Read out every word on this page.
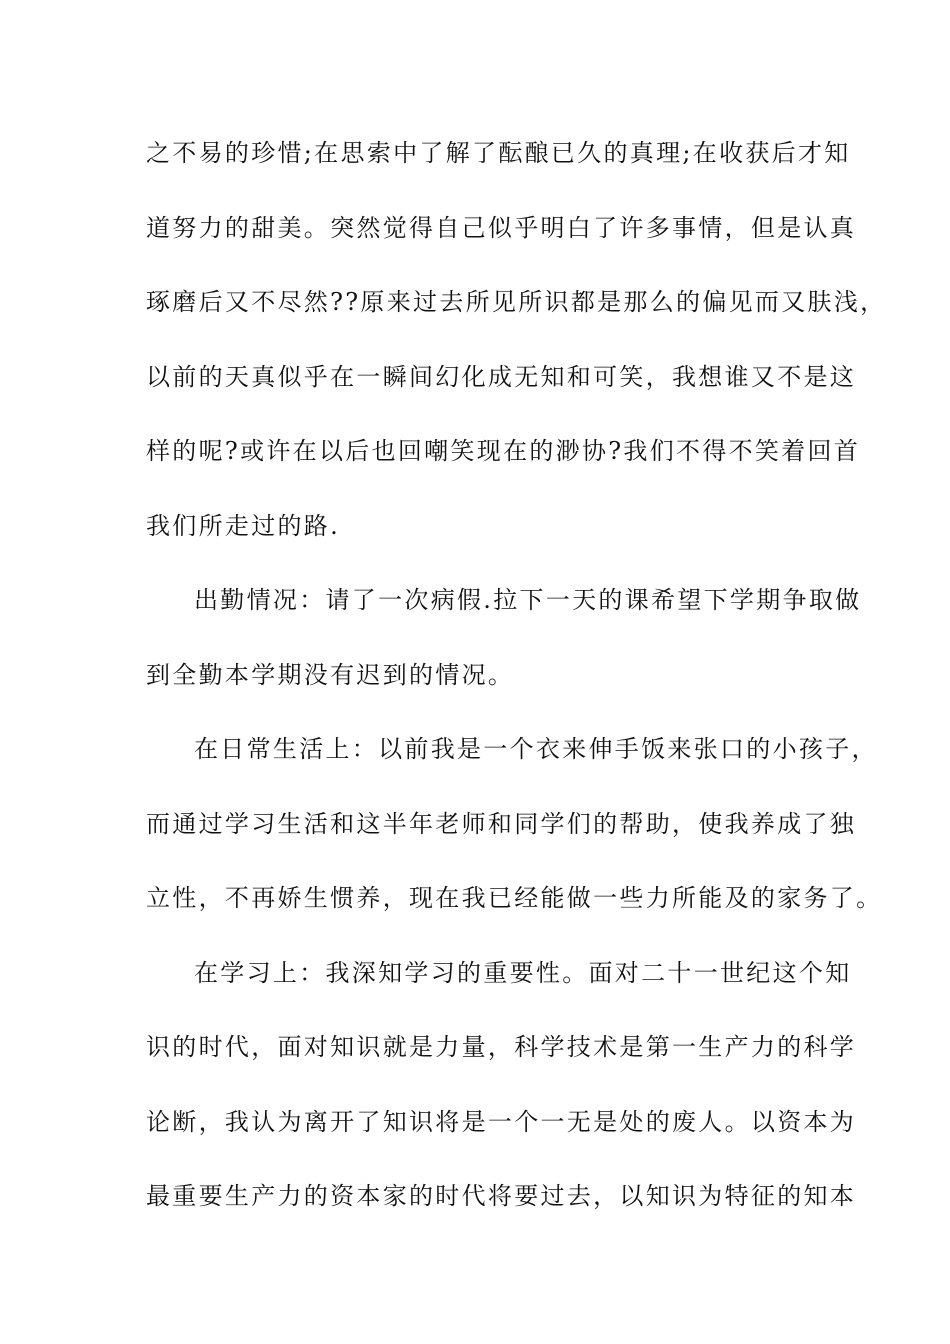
之不易的珍惜;在思索中了解了酝酿已久的真理;在收获后才知
道努力的甜美。突然觉得自己似乎明白了许多事情，但是认真
琢磨后又不尽然??原来过去所见所识都是那么的偏见而又肤浅，
以前的天真似乎在一瞬间幻化成无知和可笑，我想谁又不是这
样的呢?或许在以后也回嘲笑现在的渺协?我们不得不笑着回首
我们所走过的路.
出勤情况：请了一次病假.拉下一天的课希望下学期争取做
到全勤本学期没有迟到的情况。
在日常生活上：以前我是一个衣来伸手饭来张口的小孩子，
而通过学习生活和这半年老师和同学们的帮助，使我养成了独
立性，不再娇生惯养，现在我已经能做一些力所能及的家务了。
在学习上：我深知学习的重要性。面对二十一世纪这个知
识的时代，面对知识就是力量，科学技术是第一生产力的科学
论断，我认为离开了知识将是一个一无是处的废人。以资本为
最重要生产力的资本家的时代将要过去，以知识为特征的知本
